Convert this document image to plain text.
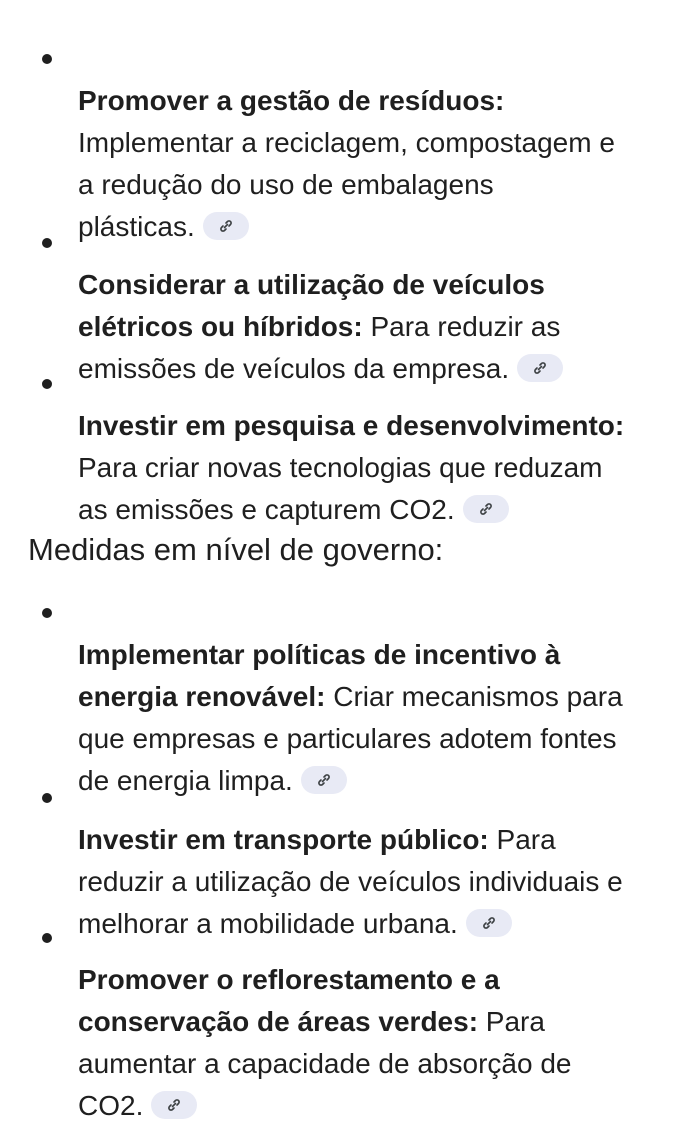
Promover a gestão de resíduos:
Implementar a reciclagem, compostagem e
a redução do uso de embalagens
plásticas.

Considerar a utilização de veículos
elétricos ou híbridos: Para reduzir as
emissões de veículos da empresa.

Investir em pesquisa e desenvolvimento:
Para criar novas tecnologias que reduzam
as emissões e capturem CO2.

Medidas em nível de governo:

Implementar políticas de incentivo à
energia renovável: Criar mecanismos para
que empresas e particulares adotem fontes
de energia limpa.

Investir em transporte público: Para
reduzir a utilização de veículos individuais e
melhorar a mobilidade urbana.

Promover o reflorestamento e a
conservação de áreas verdes: Para
aumentar a capacidade de absorção de
CO2.
